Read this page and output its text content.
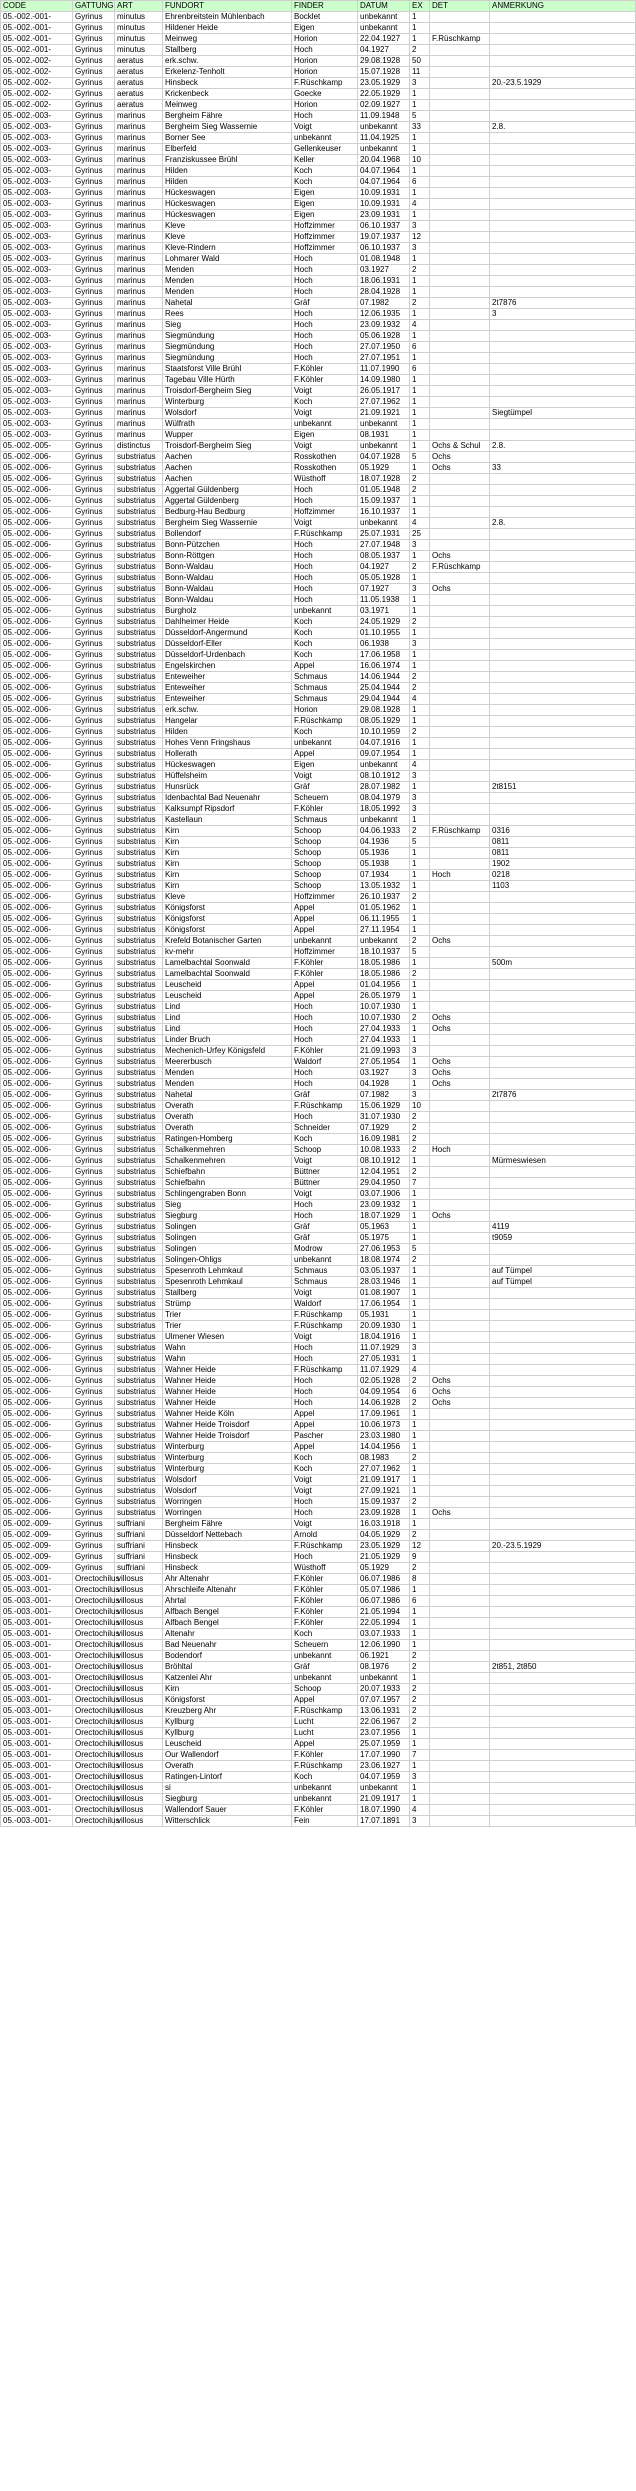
CODE	GATTUNG	ART	FUNDORT	FINDER	DATUM	EX	DET	ANMERKUNG
05.-002.-001-	Gyrinus	minutus	Ehrenbreitstein Mühlenbach	Bocklet	unbekannt	1		
05.-002.-001-	Gyrinus	minutus	Hildener Heide	Eigen	unbekannt	1		
05.-002.-001-	Gyrinus	minutus	Meinweg	Horion	22.04.1927	1	F.Rüschkamp	
05.-002.-001-	Gyrinus	minutus	Stallberg	Hoch	04.1927	2		
05.-002.-002-	Gyrinus	aeratus	erk.schw.	Horion	29.08.1928	50		
05.-002.-002-	Gyrinus	aeratus	Erkelenz-Tenholt	Horion	15.07.1928	11		
05.-002.-002-	Gyrinus	aeratus	Hinsbeck	F.Rüschkamp	23.05.1929	3		20.-23.5.1929
05.-002.-002-	Gyrinus	aeratus	Krickenbeck	Goecke	22.05.1929	1		
05.-002.-002-	Gyrinus	aeratus	Meinweg	Horion	02.09.1927	1		
05.-002.-003-	Gyrinus	marinus	Bergheim Fähre	Hoch	11.09.1948	5		
05.-002.-003-	Gyrinus	marinus	Bergheim Sieg Wassernie	Voigt	unbekannt	33		2.8.
05.-002.-003-	Gyrinus	marinus	Borner See	unbekannt	11.04.1925	1		
05.-002.-003-	Gyrinus	marinus	Elberfeld	Gellenkeuser	unbekannt	1		
05.-002.-003-	Gyrinus	marinus	Franziskussee Brühl	Keller	20.04.1968	10		
05.-002.-003-	Gyrinus	marinus	Hilden	Koch	04.07.1964	1		
05.-002.-003-	Gyrinus	marinus	Hilden	Koch	04.07.1964	6		
05.-002.-003-	Gyrinus	marinus	Hückeswagen	Eigen	10.09.1931	1		
05.-002.-003-	Gyrinus	marinus	Hückeswagen	Eigen	10.09.1931	4		
05.-002.-003-	Gyrinus	marinus	Hückeswagen	Eigen	23.09.1931	1		
05.-002.-003-	Gyrinus	marinus	Kleve	Hoffzimmer	06.10.1937	3		
05.-002.-003-	Gyrinus	marinus	Kleve	Hoffzimmer	19.07.1937	12		
05.-002.-003-	Gyrinus	marinus	Kleve-Rindern	Hoffzimmer	06.10.1937	3		
05.-002.-003-	Gyrinus	marinus	Lohmarer Wald	Hoch	01.08.1948	1		
05.-002.-003-	Gyrinus	marinus	Menden	Hoch	03.1927	2		
05.-002.-003-	Gyrinus	marinus	Menden	Hoch	18.06.1931	1		
05.-002.-003-	Gyrinus	marinus	Menden	Hoch	28.04.1928	1		
05.-002.-003-	Gyrinus	marinus	Nahetal	Gräf	07.1982	2		2t7876
05.-002.-003-	Gyrinus	marinus	Rees	Hoch	12.06.1935	1		3
05.-002.-003-	Gyrinus	marinus	Sieg	Hoch	23.09.1932	4		
05.-002.-003-	Gyrinus	marinus	Siegmündung	Hoch	05.06.1928	1		
05.-002.-003-	Gyrinus	marinus	Siegmündung	Hoch	27.07.1950	6		
05.-002.-003-	Gyrinus	marinus	Siegmündung	Hoch	27.07.1951	1		
05.-002.-003-	Gyrinus	marinus	Staatsforst Ville Brühl	F.Köhler	11.07.1990	6		
05.-002.-003-	Gyrinus	marinus	Tagebau Ville Hürth	F.Köhler	14.09.1980	1		
05.-002.-003-	Gyrinus	marinus	Troisdorf-Bergheim Sieg	Voigt	26.05.1917	1		
05.-002.-003-	Gyrinus	marinus	Winterburg	Koch	27.07.1962	1		
05.-002.-003-	Gyrinus	marinus	Wolsdorf	Voigt	21.09.1921	1		Siegtümpel
05.-002.-003-	Gyrinus	marinus	Wülfrath	unbekannt	unbekannt	1		
05.-002.-003-	Gyrinus	marinus	Wupper	Eigen	08.1931	1		
05.-002.-005-	Gyrinus	distinctus	Troisdorf-Bergheim Sieg	Voigt	unbekannt	1	Ochs & Schul	2.8.
05.-002.-006-	Gyrinus	substriatus	Aachen	Rosskothen	04.07.1928	5	Ochs	
05.-002.-006-	Gyrinus	substriatus	Aachen	Rosskothen	05.1929	1	Ochs	33
05.-002.-006-	Gyrinus	substriatus	Aachen	Wüsthoff	18.07.1928	2		
05.-002.-006-	Gyrinus	substriatus	Aggertal Güldenberg	Hoch	01.05.1948	2		
05.-002.-006-	Gyrinus	substriatus	Aggertal Güldenberg	Hoch	15.09.1937	1		
05.-002.-006-	Gyrinus	substriatus	Bedburg-Hau Bedburg	Hoffzimmer	16.10.1937	1		
05.-002.-006-	Gyrinus	substriatus	Bergheim Sieg Wassernie	Voigt	unbekannt	4		2.8.
05.-002.-006-	Gyrinus	substriatus	Bollendorf	F.Rüschkamp	25.07.1931	25		
05.-002.-006-	Gyrinus	substriatus	Bonn-Pützchen	Hoch	27.07.1948	3		
05.-002.-006-	Gyrinus	substriatus	Bonn-Röttgen	Hoch	08.05.1937	1	Ochs	
05.-002.-006-	Gyrinus	substriatus	Bonn-Waldau	Hoch	04.1927	2	F.Rüschkamp	
05.-002.-006-	Gyrinus	substriatus	Bonn-Waldau	Hoch	05.05.1928	1		
05.-002.-006-	Gyrinus	substriatus	Bonn-Waldau	Hoch	07.1927	3	Ochs	
05.-002.-006-	Gyrinus	substriatus	Bonn-Waldau	Hoch	11.05.1938	1		
05.-002.-006-	Gyrinus	substriatus	Burgholz	unbekannt	03.1971	1		
05.-002.-006-	Gyrinus	substriatus	Dahlheimer Heide	Koch	24.05.1929	2		
05.-002.-006-	Gyrinus	substriatus	Düsseldorf-Angermund	Koch	01.10.1955	1		
05.-002.-006-	Gyrinus	substriatus	Düsseldorf-Eller	Koch	06.1938	3		
05.-002.-006-	Gyrinus	substriatus	Düsseldorf-Urdenbach	Koch	17.06.1958	1		
05.-002.-006-	Gyrinus	substriatus	Engelskirchen	Appel	16.06.1974	1		
05.-002.-006-	Gyrinus	substriatus	Enteweiher	Schmaus	14.06.1944	2		
05.-002.-006-	Gyrinus	substriatus	Enteweiher	Schmaus	25.04.1944	2		
05.-002.-006-	Gyrinus	substriatus	Enteweiher	Schmaus	29.04.1944	4		
05.-002.-006-	Gyrinus	substriatus	erk.schw.	Horion	29.08.1928	1		
05.-002.-006-	Gyrinus	substriatus	Hangelar	F.Rüschkamp	08.05.1929	1		
05.-002.-006-	Gyrinus	substriatus	Hilden	Koch	10.10.1959	2		
05.-002.-006-	Gyrinus	substriatus	Hohes Venn Fringshaus	unbekannt	04.07.1916	1		
05.-002.-006-	Gyrinus	substriatus	Hollerath	Appel	09.07.1954	1		
05.-002.-006-	Gyrinus	substriatus	Hückeswagen	Eigen	unbekannt	4		
05.-002.-006-	Gyrinus	substriatus	Hüffelsheim	Voigt	08.10.1912	3		
05.-002.-006-	Gyrinus	substriatus	Hunsrück	Gräf	28.07.1982	1		2t8151
05.-002.-006-	Gyrinus	substriatus	Idenbachtal Bad Neuenahr	Scheuern	08.04.1979	3		
05.-002.-006-	Gyrinus	substriatus	Kalksumpf Ripsdorf	F.Köhler	18.05.1992	3		
05.-002.-006-	Gyrinus	substriatus	Kastellaun	Schmaus	unbekannt	1		
05.-002.-006-	Gyrinus	substriatus	Kirn	Schoop	04.06.1933	2	F.Rüschkamp	0316
05.-002.-006-	Gyrinus	substriatus	Kirn	Schoop	04.1936	5		0811
05.-002.-006-	Gyrinus	substriatus	Kirn	Schoop	05.1936	1		0811
05.-002.-006-	Gyrinus	substriatus	Kirn	Schoop	05.1938	1		1902
05.-002.-006-	Gyrinus	substriatus	Kirn	Schoop	07.1934	1	Hoch	0218
05.-002.-006-	Gyrinus	substriatus	Kirn	Schoop	13.05.1932	1		1103
05.-002.-006-	Gyrinus	substriatus	Kleve	Hoffzimmer	26.10.1937	2		
05.-002.-006-	Gyrinus	substriatus	Königsforst	Appel	01.05.1962	1		
05.-002.-006-	Gyrinus	substriatus	Königsforst	Appel	06.11.1955	1		
05.-002.-006-	Gyrinus	substriatus	Königsforst	Appel	27.11.1954	1		
05.-002.-006-	Gyrinus	substriatus	Krefeld Botanischer Garten	unbekannt	unbekannt	2	Ochs	
05.-002.-006-	Gyrinus	substriatus	kv-mehr	Hoffzimmer	18.10.1937	5		
05.-002.-006-	Gyrinus	substriatus	Lamelbachtal Soonwald	F.Köhler	18.05.1986	1		500m
05.-002.-006-	Gyrinus	substriatus	Lamelbachtal Soonwald	F.Köhler	18.05.1986	2		
05.-002.-006-	Gyrinus	substriatus	Leuscheid	Appel	01.04.1956	1		
05.-002.-006-	Gyrinus	substriatus	Leuscheid	Appel	26.05.1979	1		
05.-002.-006-	Gyrinus	substriatus	Lind	Hoch	10.07.1930	1		
05.-002.-006-	Gyrinus	substriatus	Lind	Hoch	10.07.1930	2	Ochs	
05.-002.-006-	Gyrinus	substriatus	Lind	Hoch	27.04.1933	1	Ochs	
05.-002.-006-	Gyrinus	substriatus	Linder Bruch	Hoch	27.04.1933	1		
05.-002.-006-	Gyrinus	substriatus	Mechenich-Urfey Königsfeld	F.Köhler	21.09.1993	3		
05.-002.-006-	Gyrinus	substriatus	Meererbusch	Waldorf	27.05.1954	1	Ochs	
05.-002.-006-	Gyrinus	substriatus	Menden	Hoch	03.1927	3	Ochs	
05.-002.-006-	Gyrinus	substriatus	Menden	Hoch	04.1928	1	Ochs	
05.-002.-006-	Gyrinus	substriatus	Nahetal	Gräf	07.1982	3		2t7876
05.-002.-006-	Gyrinus	substriatus	Overath	F.Rüschkamp	15.06.1929	10		
05.-002.-006-	Gyrinus	substriatus	Overath	Hoch	31.07.1930	2		
05.-002.-006-	Gyrinus	substriatus	Overath	Schneider	07.1929	2		
05.-002.-006-	Gyrinus	substriatus	Ratingen-Homberg	Koch	16.09.1981	2		
05.-002.-006-	Gyrinus	substriatus	Schalkenmehren	Schoop	10.08.1933	2	Hoch	
05.-002.-006-	Gyrinus	substriatus	Schalkenmehren	Voigt	08.10.1912	1		Mürmeswiesen
05.-002.-006-	Gyrinus	substriatus	Schiefbahn	Büttner	12.04.1951	2		
05.-002.-006-	Gyrinus	substriatus	Schiefbahn	Büttner	29.04.1950	7		
05.-002.-006-	Gyrinus	substriatus	Schlingengraben Bonn	Voigt	03.07.1906	1		
05.-002.-006-	Gyrinus	substriatus	Sieg	Hoch	23.09.1932	1		
05.-002.-006-	Gyrinus	substriatus	Siegburg	Hoch	18.07.1929	1	Ochs	
05.-002.-006-	Gyrinus	substriatus	Solingen	Gräf	05.1963	1		4119
05.-002.-006-	Gyrinus	substriatus	Solingen	Gräf	05.1975	1		t9059
05.-002.-006-	Gyrinus	substriatus	Solingen	Modrow	27.06.1953	5		
05.-002.-006-	Gyrinus	substriatus	Solingen-Ohligs	unbekannt	18.08.1974	2		
05.-002.-006-	Gyrinus	substriatus	Spesenroth Lehmkaul	Schmaus	03.05.1937	1		auf Tümpel
05.-002.-006-	Gyrinus	substriatus	Spesenroth Lehmkaul	Schmaus	28.03.1946	1		auf Tümpel
05.-002.-006-	Gyrinus	substriatus	Stallberg	Voigt	01.08.1907	1		
05.-002.-006-	Gyrinus	substriatus	Strümp	Waldorf	17.06.1954	1		
05.-002.-006-	Gyrinus	substriatus	Trier	F.Rüschkamp	05.1931	1		
05.-002.-006-	Gyrinus	substriatus	Trier	F.Rüschkamp	20.09.1930	1		
05.-002.-006-	Gyrinus	substriatus	Ulmener Wiesen	Voigt	18.04.1916	1		
05.-002.-006-	Gyrinus	substriatus	Wahn	Hoch	11.07.1929	3		
05.-002.-006-	Gyrinus	substriatus	Wahn	Hoch	27.05.1931	1		
05.-002.-006-	Gyrinus	substriatus	Wahner Heide	F.Rüschkamp	11.07.1929	4		
05.-002.-006-	Gyrinus	substriatus	Wahner Heide	Hoch	02.05.1928	2	Ochs	
05.-002.-006-	Gyrinus	substriatus	Wahner Heide	Hoch	04.09.1954	6	Ochs	
05.-002.-006-	Gyrinus	substriatus	Wahner Heide	Hoch	14.06.1928	2	Ochs	
05.-002.-006-	Gyrinus	substriatus	Wahner Heide Köln	Appel	17.09.1961	1		
05.-002.-006-	Gyrinus	substriatus	Wahner Heide Troisdorf	Appel	10.06.1973	1		
05.-002.-006-	Gyrinus	substriatus	Wahner Heide Troisdorf	Pascher	23.03.1980	1		
05.-002.-006-	Gyrinus	substriatus	Winterburg	Appel	14.04.1956	1		
05.-002.-006-	Gyrinus	substriatus	Winterburg	Koch	08.1983	2		
05.-002.-006-	Gyrinus	substriatus	Winterburg	Koch	27.07.1962	1		
05.-002.-006-	Gyrinus	substriatus	Wolsdorf	Voigt	21.09.1917	1		
05.-002.-006-	Gyrinus	substriatus	Wolsdorf	Voigt	27.09.1921	1		
05.-002.-006-	Gyrinus	substriatus	Worringen	Hoch	15.09.1937	2		
05.-002.-006-	Gyrinus	substriatus	Worringen	Hoch	23.09.1928	1	Ochs	
05.-002.-009-	Gyrinus	suffriani	Bergheim Fähre	Voigt	16.03.1918	1		
05.-002.-009-	Gyrinus	suffriani	Düsseldorf Nettebach	Arnold	04.05.1929	2		
05.-002.-009-	Gyrinus	suffriani	Hinsbeck	F.Rüschkamp	23.05.1929	12		20.-23.5.1929
05.-002.-009-	Gyrinus	suffriani	Hinsbeck	Hoch	21.05.1929	9		
05.-002.-009-	Gyrinus	suffriani	Hinsbeck	Wüsthoff	05.1929	2		
05.-003.-001-	Orectochilus	villosus	Ahr Altenahr	F.Köhler	06.07.1986	8		
05.-003.-001-	Orectochilus	villosus	Ahrschleife Altenahr	F.Köhler	05.07.1986	1		
05.-003.-001-	Orectochilus	villosus	Ahrtal	F.Köhler	06.07.1986	6		
05.-003.-001-	Orectochilus	villosus	Alfbach Bengel	F.Köhler	21.05.1994	1		
05.-003.-001-	Orectochilus	villosus	Alfbach Bengel	F.Köhler	22.05.1994	1		
05.-003.-001-	Orectochilus	villosus	Altenahr	Koch	03.07.1933	1		
05.-003.-001-	Orectochilus	villosus	Bad Neuenahr	Scheuern	12.06.1990	1		
05.-003.-001-	Orectochilus	villosus	Bodendorf	unbekannt	06.1921	2		
05.-003.-001-	Orectochilus	villosus	Bröhltal	Gräf	08.1976	2		2t851, 2t850
05.-003.-001-	Orectochilus	villosus	Katzenlei Ahr	unbekannt	unbekannt	1		
05.-003.-001-	Orectochilus	villosus	Kirn	Schoop	20.07.1933	2		
05.-003.-001-	Orectochilus	villosus	Königsforst	Appel	07.07.1957	2		
05.-003.-001-	Orectochilus	villosus	Kreuzberg Ahr	F.Rüschkamp	13.06.1931	2		
05.-003.-001-	Orectochilus	villosus	Kyllburg	Lucht	22.06.1967	2		
05.-003.-001-	Orectochilus	villosus	Kyllburg	Lucht	23.07.1956	1		
05.-003.-001-	Orectochilus	villosus	Leuscheid	Appel	25.07.1959	1		
05.-003.-001-	Orectochilus	villosus	Our Wallendorf	F.Köhler	17.07.1990	7		
05.-003.-001-	Orectochilus	villosus	Overath	F.Rüschkamp	23.06.1927	1		
05.-003.-001-	Orectochilus	villosus	Ratingen-Lintorf	Koch	04.07.1959	3		
05.-003.-001-	Orectochilus	villosus	si	unbekannt	unbekannt	1		
05.-003.-001-	Orectochilus	villosus	Siegburg	unbekannt	21.09.1917	1		
05.-003.-001-	Orectochilus	villosus	Wallendorf Sauer	F.Köhler	18.07.1990	4		
05.-003.-001-	Orectochilus	villosus	Witterschlick	Fein	17.07.1891	3		
